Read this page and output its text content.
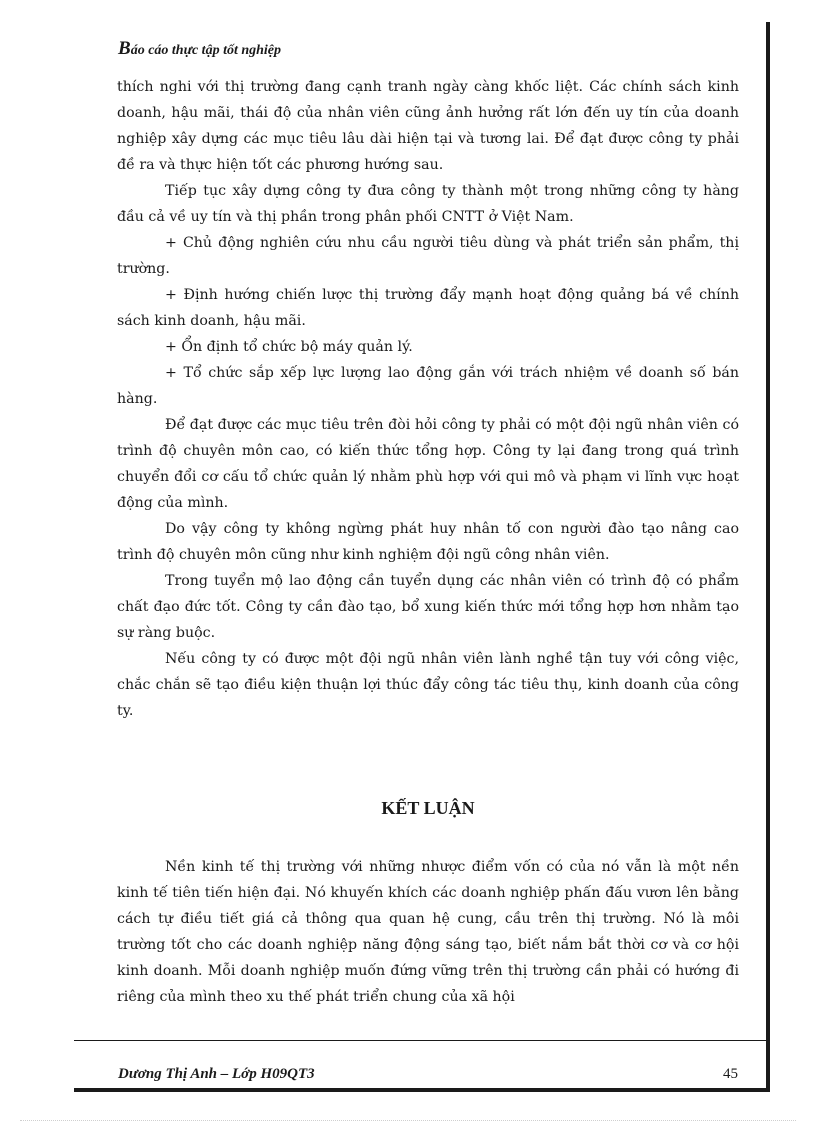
Báo cáo thực tập tốt nghiệp

thích nghi với thị trường đang cạnh tranh ngày càng khốc liệt. Các chính sách kinh doanh, hậu mãi, thái độ của nhân viên cũng ảnh hưởng rất lớn đến uy tín của doanh nghiệp xây dựng các mục tiêu lâu dài hiện tại và tương lai. Để đạt được công ty phải đề ra và thực hiện tốt các phương hướng sau.

Tiếp tục xây dựng công ty đưa công ty thành một trong những công ty hàng đầu cả về uy tín và thị phần trong phân phối CNTT ở Việt Nam.

+ Chủ động nghiên cứu nhu cầu người tiêu dùng và phát triển sản phẩm, thị trường.

+ Định hướng chiến lược thị trường đẩy mạnh hoạt động quảng bá về chính sách kinh doanh, hậu mãi.

+ Ổn định tổ chức bộ máy quản lý.

+ Tổ chức sắp xếp lực lượng lao động gắn với trách nhiệm về doanh số bán hàng.

Để đạt được các mục tiêu trên đòi hỏi công ty phải có một đội ngũ nhân viên có trình độ chuyên môn cao, có kiến thức tổng hợp. Công ty lại đang trong quá trình chuyển đổi cơ cấu tổ chức quản lý nhằm phù hợp với qui mô và phạm vi lĩnh vực hoạt động của mình.

Do vậy công ty không ngừng phát huy nhân tố con người đào tạo nâng cao trình độ chuyên môn cũng như kinh nghiệm đội ngũ công nhân viên.

Trong tuyển mộ lao động cần tuyển dụng các nhân viên có trình độ có phẩm chất đạo đức tốt. Công ty cần đào tạo, bổ xung kiến thức mới tổng hợp hơn nhằm tạo sự ràng buộc.

Nếu công ty có được một đội ngũ nhân viên lành nghề tận tuy với công việc, chắc chắn sẽ tạo điều kiện thuận lợi thúc đẩy công tác tiêu thụ, kinh doanh của công ty.

KẾT LUẬN

Nền kinh tế thị trường với những nhược điểm vốn có của nó vẫn là một nền kinh tế tiên tiến hiện đại. Nó khuyến khích các doanh nghiệp phấn đấu vươn lên bằng cách tự điều tiết giá cả thông qua quan hệ cung, cầu trên thị trường. Nó là môi trường tốt cho các doanh nghiệp năng động sáng tạo, biết nắm bắt thời cơ và cơ hội kinh doanh. Mỗi doanh nghiệp muốn đứng vững trên thị trường cần phải có hướng đi riêng của mình theo xu thế phát triển chung của xã hội

Dương Thị Anh – Lớp H09QT3	45
